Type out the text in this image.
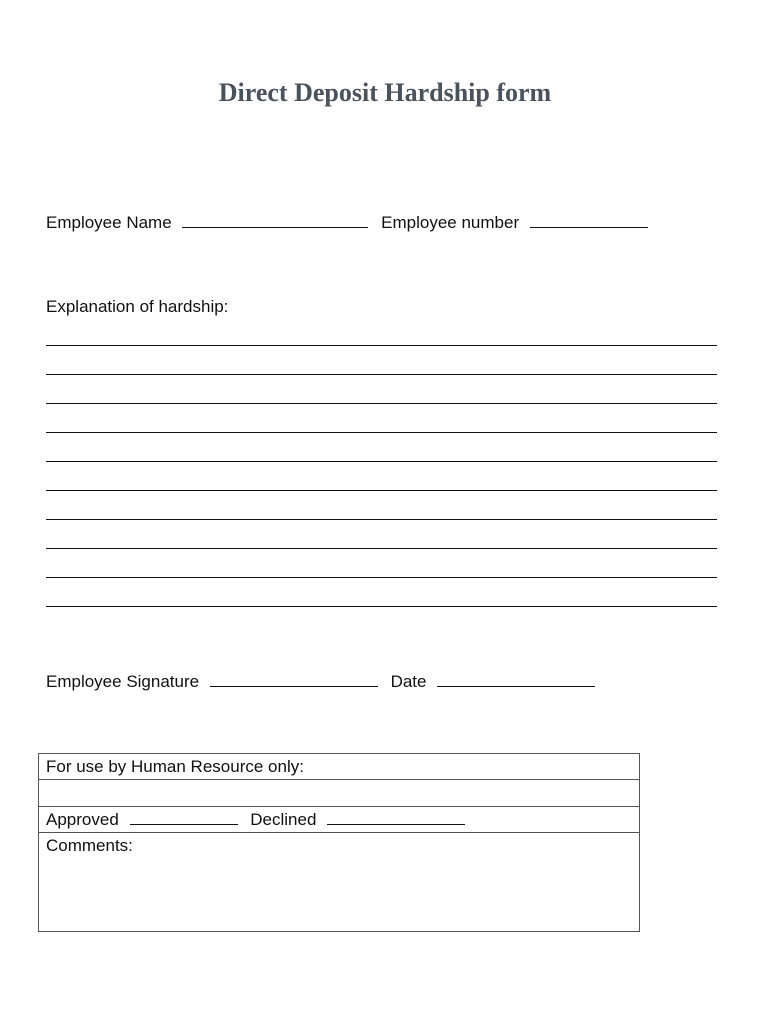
Direct Deposit Hardship form
Employee Name	Employee number
Explanation of hardship:
Employee Signature	Date
For use by Human Resource only:
Approved	Declined
Comments:
